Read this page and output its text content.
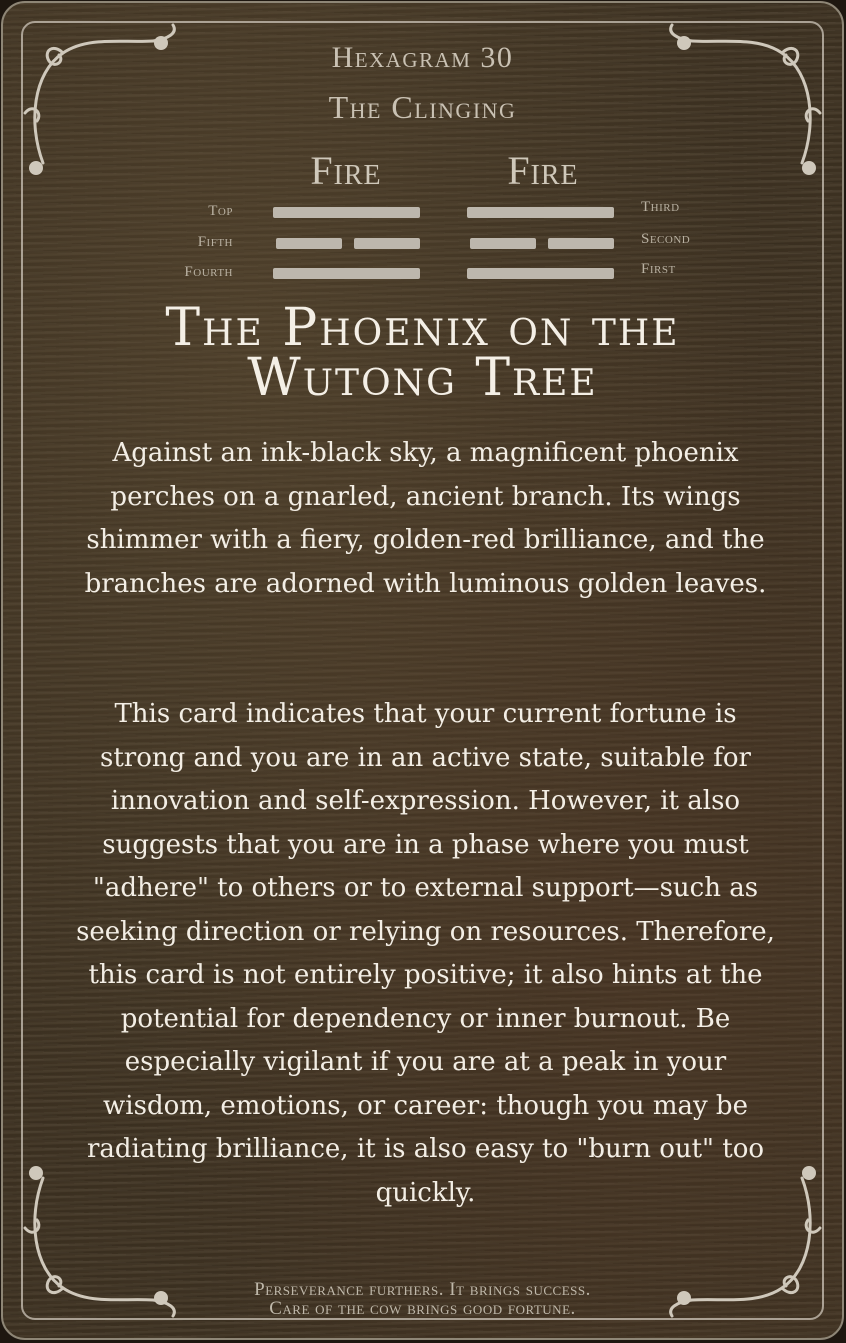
Hexagram 30
The Clinging
Fire	Fire
Top
Fifth
Fourth
Third
Second
First
The Phoenix on the
Wutong Tree
Against an ink-black sky, a magnificent phoenix perches on a gnarled, ancient branch. Its wings shimmer with a fiery, golden-red brilliance, and the branches are adorned with luminous golden leaves.
This card indicates that your current fortune is strong and you are in an active state, suitable for innovation and self-expression. However, it also suggests that you are in a phase where you must "adhere" to others or to external support—such as seeking direction or relying on resources. Therefore, this card is not entirely positive; it also hints at the potential for dependency or inner burnout. Be especially vigilant if you are at a peak in your wisdom, emotions, or career: though you may be radiating brilliance, it is also easy to "burn out" too quickly.
Perseverance furthers. It brings success.
Care of the cow brings good fortune.
